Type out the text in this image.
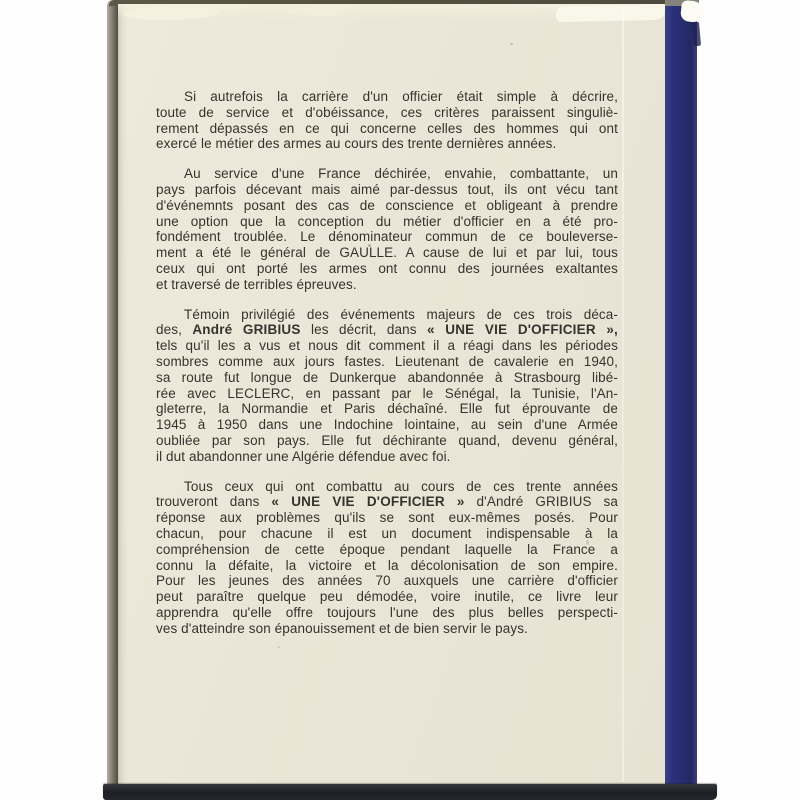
Si autrefois la carrière d'un officier était simple à décrire,
toute de service et d'obéissance, ces critères paraissent singuliè-
rement dépassés en ce qui concerne celles des hommes qui ont
exercé le métier des armes au cours des trente dernières années.
Au service d'une France déchirée, envahie, combattante, un
pays parfois décevant mais aimé par-dessus tout, ils ont vécu tant
d'événemnts posant des cas de conscience et obligeant à prendre
une option que la conception du métier d'officier en a été pro-
fondément troublée. Le dénominateur commun de ce bouleverse-
ment a été le général de GAULLE. A cause de lui et par lui, tous
ceux qui ont porté les armes ont connu des journées exaltantes
et traversé de terribles épreuves.
Témoin privilégié des événements majeurs de ces trois déca-
des, André GRIBIUS les décrit, dans « UNE VIE D'OFFICIER »,
tels qu'il les a vus et nous dit comment il a réagi dans les périodes
sombres comme aux jours fastes. Lieutenant de cavalerie en 1940,
sa route fut longue de Dunkerque abandonnée à Strasbourg libé-
rée avec LECLERC, en passant par le Sénégal, la Tunisie, l'An-
gleterre, la Normandie et Paris déchaîné. Elle fut éprouvante de
1945 à 1950 dans une Indochine lointaine, au sein d'une Armée
oubliée par son pays. Elle fut déchirante quand, devenu général,
il dut abandonner une Algérie défendue avec foi.
Tous ceux qui ont combattu au cours de ces trente années
trouveront dans « UNE VIE D'OFFICIER » d'André GRIBIUS sa
réponse aux problèmes qu'ils se sont eux-mêmes posés. Pour
chacun, pour chacune il est un document indispensable à la
compréhension de cette époque pendant laquelle la France a
connu la défaite, la victoire et la décolonisation de son empire.
Pour les jeunes des années 70 auxquels une carrière d'officier
peut paraître quelque peu démodée, voire inutile, ce livre leur
apprendra qu'elle offre toujours l'une des plus belles perspecti-
ves d'atteindre son épanouissement et de bien servir le pays.
